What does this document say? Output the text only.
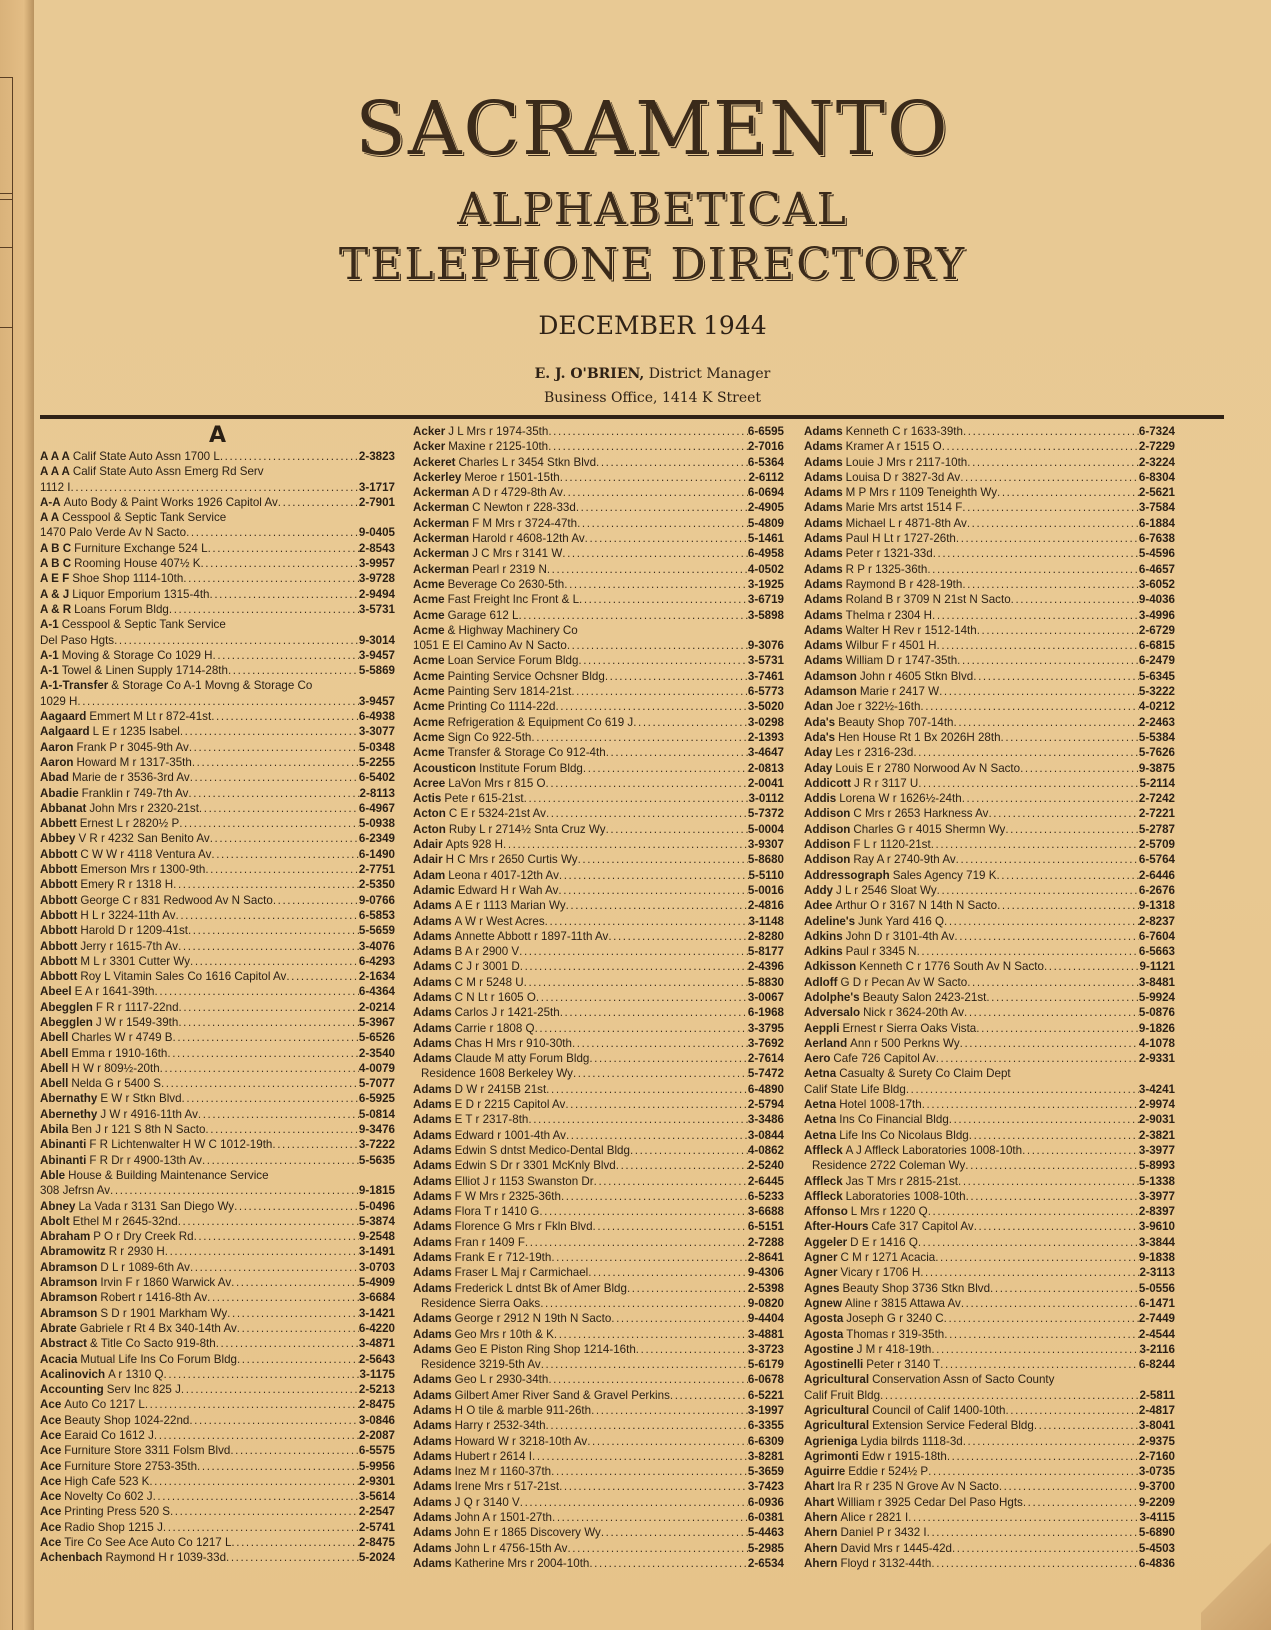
SACRAMENTO
ALPHABETICAL
TELEPHONE DIRECTORY
DECEMBER 1944
E. J. O'BRIEN, District Manager
Business Office, 1414 K Street
A
A A A Calif State Auto Assn 1700 L .....	2-3823
A A A Calif State Auto Assn Emerg Rd Serv
1112 I .....	3-1717
A-A Auto Body & Paint Works 1926 Capitol Av .....	2-7901
A A Cesspool & Septic Tank Service
1470 Palo Verde Av N Sacto .....	9-0405
A B C Furniture Exchange 524 L .....	2-8543
A B C Rooming House 407½ K .....	3-9957
A E F Shoe Shop 1114-10th .....	3-9728
A & J Liquor Emporium 1315-4th .....	2-9494
A & R Loans Forum Bldg .....	3-5731
A-1 Cesspool & Septic Tank Service
Del Paso Hgts .....	9-3014
A-1 Moving & Storage Co 1029 H .....	3-9457
A-1 Towel & Linen Supply 1714-28th .....	5-5869
A-1-Transfer & Storage Co A-1 Movng & Storage Co
1029 H .....	3-9457
Aagaard Emmert M Lt r 872-41st .....	6-4938
Aalgaard L E r 1235 Isabel .....	3-3077
Aaron Frank P r 3045-9th Av .....	5-0348
Aaron Howard M r 1317-35th .....	5-2255
Abad Marie de r 3536-3rd Av .....	6-5402
Abadie Franklin r 749-7th Av .....	2-8113
Abbanat John Mrs r 2320-21st .....	6-4967
Abbett Ernest L r 2820½ P .....	5-0938
Abbey V R r 4232 San Benito Av .....	6-2349
Abbott C W W r 4118 Ventura Av .....	6-1490
Abbott Emerson Mrs r 1300-9th .....	2-7751
Abbott Emery R r 1318 H .....	2-5350
Abbott George C r 831 Redwood Av N Sacto .....	9-0766
Abbott H L r 3224-11th Av .....	6-5853
Abbott Harold D r 1209-41st .....	5-5659
Abbott Jerry r 1615-7th Av .....	3-4076
Abbott M L r 3301 Cutter Wy .....	6-4293
Abbott Roy L Vitamin Sales Co 1616 Capitol Av .....	2-1634
Abeel E A r 1641-39th .....	6-4364
Abegglen F R r 1117-22nd .....	2-0214
Abegglen J W r 1549-39th .....	5-3967
Abell Charles W r 4749 B .....	5-6526
Abell Emma r 1910-16th .....	2-3540
Abell H W r 809½-20th .....	4-0079
Abell Nelda G r 5400 S .....	5-7077
Abernathy E W r Stkn Blvd .....	6-5925
Abernethy J W r 4916-11th Av .....	5-0814
Abila Ben J r 121 S 8th N Sacto .....	9-3476
Abinanti F R Lichtenwalter H W C 1012-19th .....	3-7222
Abinanti F R Dr r 4900-13th Av .....	5-5635
Able House & Building Maintenance Service
308 Jefrsn Av .....	9-1815
Abney La Vada r 3131 San Diego Wy .....	5-0496
Abolt Ethel M r 2645-32nd .....	5-3874
Abraham P O r Dry Creek Rd .....	9-2548
Abramowitz R r 2930 H .....	3-1491
Abramson D L r 1089-6th Av .....	3-0703
Abramson Irvin F r 1860 Warwick Av .....	5-4909
Abramson Robert r 1416-8th Av .....	3-6684
Abramson S D r 1901 Markham Wy .....	3-1421
Abrate Gabriele r Rt 4 Bx 340-14th Av .....	6-4220
Abstract & Title Co Sacto 919-8th .....	3-4871
Acacia Mutual Life Ins Co Forum Bldg .....	2-5643
Acalinovich A r 1310 Q .....	3-1175
Accounting Serv Inc 825 J .....	2-5213
Ace Auto Co 1217 L .....	2-8475
Ace Beauty Shop 1024-22nd .....	3-0846
Ace Earaid Co 1612 J .....	2-2087
Ace Furniture Store 3311 Folsm Blvd .....	6-5575
Ace Furniture Store 2753-35th .....	5-9956
Ace High Cafe 523 K .....	2-9301
Ace Novelty Co 602 J .....	3-5614
Ace Printing Press 520 S .....	2-2547
Ace Radio Shop 1215 J .....	2-5741
Ace Tire Co See Ace Auto Co 1217 L .....	2-8475
Achenbach Raymond H r 1039-33d .....	5-2024
Acker J L Mrs r 1974-35th .....	6-6595
Acker Maxine r 2125-10th .....	2-7016
Ackeret Charles L r 3454 Stkn Blvd .....	6-5364
Ackerley Meroe r 1501-15th .....	2-6112
Ackerman A D r 4729-8th Av .....	6-0694
Ackerman C Newton r 228-33d .....	2-4905
Ackerman F M Mrs r 3724-47th .....	5-4809
Ackerman Harold r 4608-12th Av .....	5-1461
Ackerman J C Mrs r 3141 W .....	6-4958
Ackerman Pearl r 2319 N .....	4-0502
Acme Beverage Co 2630-5th .....	3-1925
Acme Fast Freight Inc Front & L .....	3-6719
Acme Garage 612 L .....	3-5898
Acme & Highway Machinery Co
1051 E El Camino Av N Sacto .....	9-3076
Acme Loan Service Forum Bldg .....	3-5731
Acme Painting Service Ochsner Bldg .....	3-7461
Acme Painting Serv 1814-21st .....	6-5773
Acme Printing Co 1114-22d .....	3-5020
Acme Refrigeration & Equipment Co 619 J .....	3-0298
Acme Sign Co 922-5th .....	2-1393
Acme Transfer & Storage Co 912-4th .....	3-4647
Acousticon Institute Forum Bldg .....	2-0813
Acree LaVon Mrs r 815 O .....	2-0041
Actis Pete r 615-21st .....	3-0112
Acton C E r 5324-21st Av .....	5-7372
Acton Ruby L r 2714½ Snta Cruz Wy .....	5-0004
Adair Apts 928 H .....	3-9307
Adair H C Mrs r 2650 Curtis Wy .....	5-8680
Adam Leona r 4017-12th Av .....	5-5110
Adamic Edward H r Wah Av .....	5-0016
Adams A E r 1113 Marian Wy .....	2-4816
Adams A W r West Acres .....	3-1148
Adams Annette Abbott r 1897-11th Av .....	2-8280
Adams B A r 2900 V .....	5-8177
Adams C J r 3001 D .....	2-4396
Adams C M r 5248 U .....	5-8830
Adams C N Lt r 1605 O .....	3-0067
Adams Carlos J r 1421-25th .....	6-1968
Adams Carrie r 1808 Q .....	3-3795
Adams Chas H Mrs r 910-30th .....	3-7692
Adams Claude M atty Forum Bldg .....	2-7614
Residence 1608 Berkeley Wy .....	5-7472
Adams D W r 2415B 21st .....	6-4890
Adams E D r 2215 Capitol Av .....	2-5794
Adams E T r 2317-8th .....	3-3486
Adams Edward r 1001-4th Av .....	3-0844
Adams Edwin S dntst Medico-Dental Bldg .....	4-0862
Adams Edwin S Dr r 3301 McKnly Blvd .....	2-5240
Adams Elliot J r 1153 Swanston Dr .....	2-6445
Adams F W Mrs r 2325-36th .....	6-5233
Adams Flora T r 1410 G .....	3-6688
Adams Florence G Mrs r Fkln Blvd .....	6-5151
Adams Fran r 1409 F .....	2-7288
Adams Frank E r 712-19th .....	2-8641
Adams Fraser L Maj r Carmichael .....	9-4306
Adams Frederick L dntst Bk of Amer Bldg .....	2-5398
Residence Sierra Oaks .....	9-0820
Adams George r 2912 N 19th N Sacto .....	9-4404
Adams Geo Mrs r 10th & K .....	3-4881
Adams Geo E Piston Ring Shop 1214-16th .....	3-3723
Residence 3219-5th Av .....	5-6179
Adams Geo L r 2930-34th .....	6-0678
Adams Gilbert Amer River Sand & Gravel Perkins .....	6-5221
Adams H O tile & marble 911-26th .....	3-1997
Adams Harry r 2532-34th .....	6-3355
Adams Howard W r 3218-10th Av .....	6-6309
Adams Hubert r 2614 I .....	3-8281
Adams Inez M r 1160-37th .....	5-3659
Adams Irene Mrs r 517-21st .....	3-7423
Adams J Q r 3140 V .....	6-0936
Adams John A r 1501-27th .....	6-0381
Adams John E r 1865 Discovery Wy .....	5-4463
Adams John L r 4756-15th Av .....	5-2985
Adams Katherine Mrs r 2004-10th .....	2-6534
Adams Kenneth C r 1633-39th .....	6-7324
Adams Kramer A r 1515 O .....	2-7229
Adams Louie J Mrs r 2117-10th .....	2-3224
Adams Louisa D r 3827-3d Av .....	6-8304
Adams M P Mrs r 1109 Teneighth Wy .....	2-5621
Adams Marie Mrs artst 1514 F .....	3-7584
Adams Michael L r 4871-8th Av .....	6-1884
Adams Paul H Lt r 1727-26th .....	6-7638
Adams Peter r 1321-33d .....	5-4596
Adams R P r 1325-36th .....	6-4657
Adams Raymond B r 428-19th .....	3-6052
Adams Roland B r 3709 N 21st N Sacto .....	9-4036
Adams Thelma r 2304 H .....	3-4996
Adams Walter H Rev r 1512-14th .....	2-6729
Adams Wilbur F r 4501 H .....	6-6815
Adams William D r 1747-35th .....	6-2479
Adamson John r 4605 Stkn Blvd .....	5-6345
Adamson Marie r 2417 W .....	5-3222
Adan Joe r 322½-16th .....	4-0212
Ada's Beauty Shop 707-14th .....	2-2463
Ada's Hen House Rt 1 Bx 2026H 28th .....	5-5384
Aday Les r 2316-23d .....	5-7626
Aday Louis E r 2780 Norwood Av N Sacto .....	9-3875
Addicott J R r 3117 U .....	5-2114
Addis Lorena W r 1626½-24th .....	2-7242
Addison C Mrs r 2653 Harkness Av .....	2-7221
Addison Charles G r 4015 Shermn Wy .....	5-2787
Addison F L r 1120-21st .....	2-5709
Addison Ray A r 2740-9th Av .....	6-5764
Addressograph Sales Agency 719 K .....	2-6446
Addy J L r 2546 Sloat Wy .....	6-2676
Adee Arthur O r 3167 N 14th N Sacto .....	9-1318
Adeline's Junk Yard 416 Q .....	2-8237
Adkins John D r 3101-4th Av .....	6-7604
Adkins Paul r 3345 N .....	6-5663
Adkisson Kenneth C r 1776 South Av N Sacto .....	9-1121
Adloff G D r Pecan Av W Sacto .....	3-8481
Adolphe's Beauty Salon 2423-21st .....	5-9924
Adversalo Nick r 3624-20th Av .....	5-0876
Aeppli Ernest r Sierra Oaks Vista .....	9-1826
Aerland Ann r 500 Perkns Wy .....	4-1078
Aero Cafe 726 Capitol Av .....	2-9331
Aetna Casualty & Surety Co Claim Dept
Calif State Life Bldg .....	3-4241
Aetna Hotel 1008-17th .....	2-9974
Aetna Ins Co Financial Bldg .....	2-9031
Aetna Life Ins Co Nicolaus Bldg .....	2-3821
Affleck A J Affleck Laboratories 1008-10th .....	3-3977
Residence 2722 Coleman Wy .....	5-8993
Affleck Jas T Mrs r 2815-21st .....	5-1338
Affleck Laboratories 1008-10th .....	3-3977
Affonso L Mrs r 1220 Q .....	2-8397
After-Hours Cafe 317 Capitol Av .....	3-9610
Aggeler D E r 1416 Q .....	3-3844
Agner C M r 1271 Acacia .....	9-1838
Agner Vicary r 1706 H .....	2-3113
Agnes Beauty Shop 3736 Stkn Blvd .....	5-0556
Agnew Aline r 3815 Attawa Av .....	6-1471
Agosta Joseph G r 3240 C .....	2-7449
Agosta Thomas r 319-35th .....	2-4544
Agostine J M r 418-19th .....	3-2116
Agostinelli Peter r 3140 T .....	6-8244
Agricultural Conservation Assn of Sacto County
Calif Fruit Bldg .....	2-5811
Agricultural Council of Calif 1400-10th .....	2-4817
Agricultural Extension Service Federal Bldg .....	3-8041
Agrieniga Lydia bilrds 1118-3d .....	2-9375
Agrimonti Edw r 1915-18th .....	2-7160
Aguirre Eddie r 524½ P .....	3-0735
Ahart Ira R r 235 N Grove Av N Sacto .....	9-3700
Ahart William r 3925 Cedar Del Paso Hgts .....	9-2209
Ahern Alice r 2821 I .....	3-4115
Ahern Daniel P r 3432 I .....	5-6890
Ahern David Mrs r 1445-42d .....	5-4503
Ahern Floyd r 3132-44th .....	6-4836
